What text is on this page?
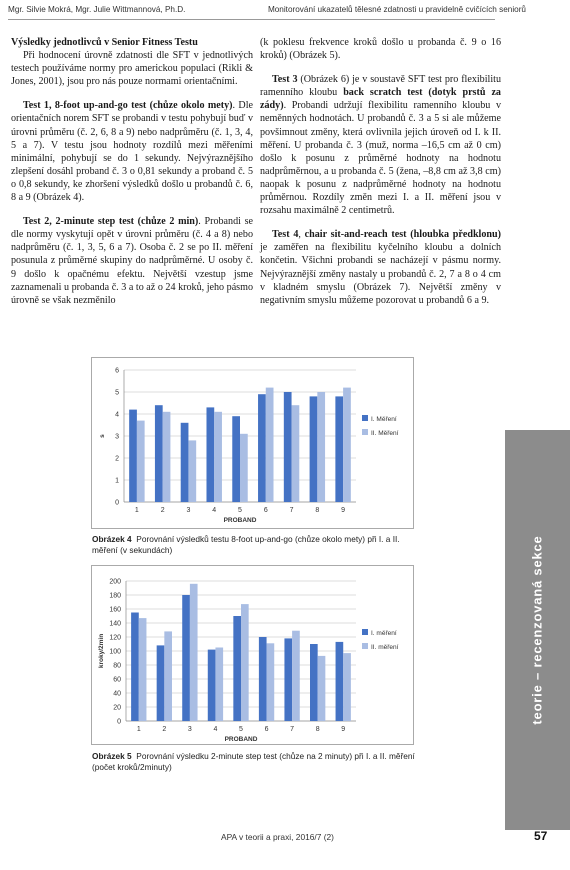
Mgr. Silvie Mokrá, Mgr. Julie Wittmannová, Ph.D.	Monitorování ukazatelů tělesné zdatnosti u pravidelně cvičících seniorů

Výsledky jednotlivců v Senior Fitness Testu

Při hodnocení úrovně zdatnosti dle SFT v jednotlivých testech používáme normy pro americkou populaci (Rikli & Jones, 2001), jsou pro nás pouze normami orientačními.

Test 1, 8-foot up-and-go test (chůze okolo mety). Dle orientačních norem SFT se probandi v testu pohybují buď v úrovni průměru (č. 2, 6, 8 a 9) nebo nadprůměru (č. 1, 3, 4, 5 a 7). V testu jsou hodnoty rozdílů mezi měřeními minimální, pohybují se do 1 sekundy. Nejvýraznějšího zlepšení dosáhl proband č. 3 o 0,81 sekundy a proband č. 5 o 0,8 sekundy, ke zhoršení výsledků došlo u probandů č. 6, 8 a 9 (Obrázek 4).

Test 2, 2-minute step test (chůze 2 min). Probandi se dle normy vyskytují opět v úrovni průměru (č. 4 a 8) nebo nadprůměru (č. 1, 3, 5, 6 a 7). Osoba č. 2 se po II. měření posunula z průměrné skupiny do nadprůměrné. U osoby č. 9 došlo k opačnému efektu. Největší vzestup jsme zaznamenali u probanda č. 3 a to až o 24 kroků, jeho pásmo úrovně se však nezměnilo

(k poklesu frekvence kroků došlo u probanda č. 9 o 16 kroků) (Obrázek 5).

Test 3 (Obrázek 6) je v soustavě SFT test pro flexibilitu ramenního kloubu back scratch test (dotyk prstů za zády). Probandi udržují flexibilitu ramenního kloubu v neměnných hodnotách. U probandů č. 3 a 5 si ale můžeme povšimnout změny, která ovlivnila jejich úroveň od I. k II. měření. U probanda č. 3 (muž, norma –16,5 cm až 0 cm) došlo k posunu z průměrné hodnoty na hodnotu nadprůměrnou, a u probanda č. 5 (žena, –8,8 cm až 3,8 cm) naopak k posunu z nadprůměrné hodnoty na hodnotu průměrnou. Rozdíly změn mezi I. a II. měření jsou v rozsahu maximálně 2 centimetrů.

Test 4, chair sit-and-reach test (hloubka předklonu) je zaměřen na flexibilitu kyčelního kloubu a dolních končetin. Všichni probandi se nacházejí v pásmu normy. Nejvýraznější změny nastaly u probandů č. 2, 7 a 8 o 4 cm v kladném smyslu (Obrázek 7). Největší změny v negativním smyslu můžeme pozorovat u probandů 6 a 9.

0
1
2
3
4
5
6
1	2	3	4	5	6	7	8	9
PROBAND
s
I. Měření
II. Měření
Obrázek 4 Porovnání výsledků testu 8-foot up-and-go (chůze okolo mety) při I. a II. měření (v sekundách)
0
20
40
60
80
100
120
140
160
180
200
1	2	3	4	5	6	7	8	9
PROBAND
kroky/2min
I. měření
II. měření
Obrázek 5 Porovnání výsledku 2-minute step test (chůze na 2 minuty) při I. a II. měření (počet kroků/2minuty)
teorie – recenzovaná sekce
APA v teorii a praxi, 2016/7 (2)	57
